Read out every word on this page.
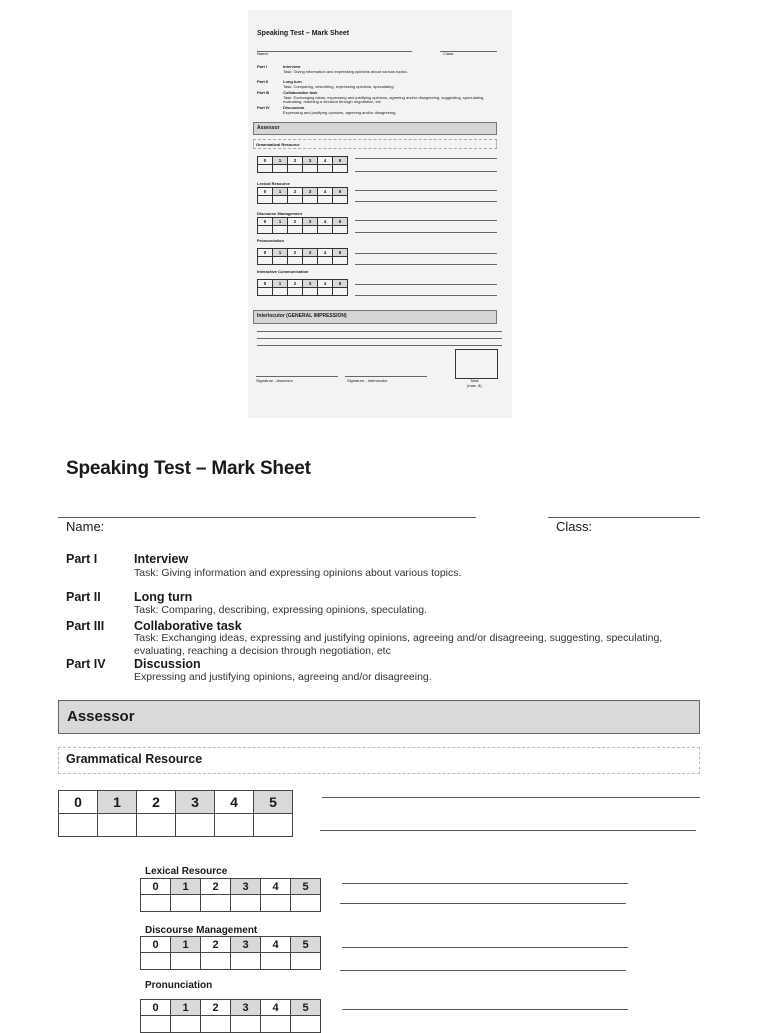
Speaking Test – Mark Sheet
Name:	Class:
Part I	Interview
Task: Giving information and expressing opinions about various topics.
Part II	Long turn
Task: Comparing, describing, expressing opinions, speculating.
Part III	Collaborative task
Task: Exchanging ideas, expressing and justifying opinions, agreeing and/or disagreeing, suggesting, speculating,
evaluating, reaching a decision through negotiation, etc
Part IV	Discussion
Expressing and justifying opinions, agreeing and/or disagreeing.
Assessor
Grammatical Resource
0	1	2	3	4	5

Lexical Resource
0	1	2	3	4	5

Discourse Management
0	1	2	3	4	5

Pronunciation
0	1	2	3	4	5

Interactive Communication
0	1	2	3	4	5

Interlocutor (GENERAL IMPRESSION)
Signature - Assessor	Signature - Interlocutor	Total
(max. 8)
Speaking Test – Mark Sheet
Name:	Class:
Part I	Interview
Task: Giving information and expressing opinions about various topics.
Part II	Long turn
Task: Comparing, describing, expressing opinions, speculating.
Part III Collaborative task
Task: Exchanging ideas, expressing and justifying opinions, agreeing and/or disagreeing, suggesting, speculating,
evaluating, reaching a decision through negotiation, etc
Part IV Discussion
Expressing and justifying opinions, agreeing and/or disagreeing.
Assessor
Grammatical Resource
0	1	2	3	4	5

Lexical Resource
0	1	2	3	4	5

Discourse Management
0	1	2	3	4	5

Pronunciation
0	1	2	3	4	5
